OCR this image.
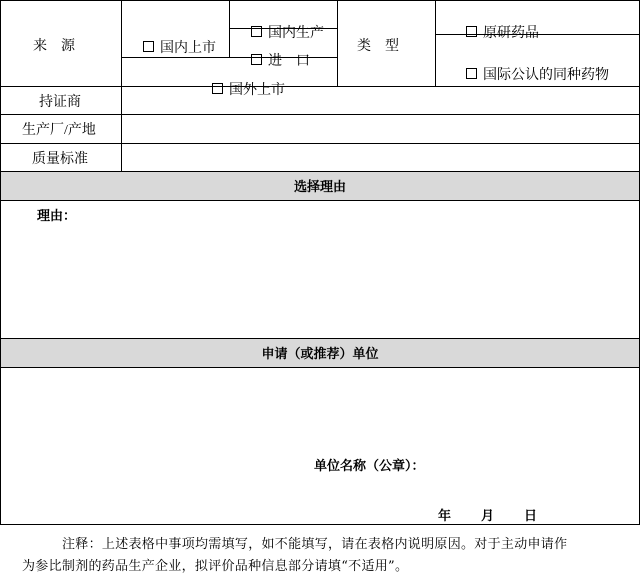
来    源	国内上市

国内生产

进    口

国外上市

类    型

原研药品

国际公认的同种药物

持证商
生产厂/产地
质量标准
选择理由
理由：
申请（或推荐）单位
单位名称（公章）：
年 月 日
注释：上述表格中事项均需填写，如不能填写，请在表格内说明原因。对于主动申请作
为参比制剂的药品生产企业，拟评价品种信息部分请填“不适用”。
